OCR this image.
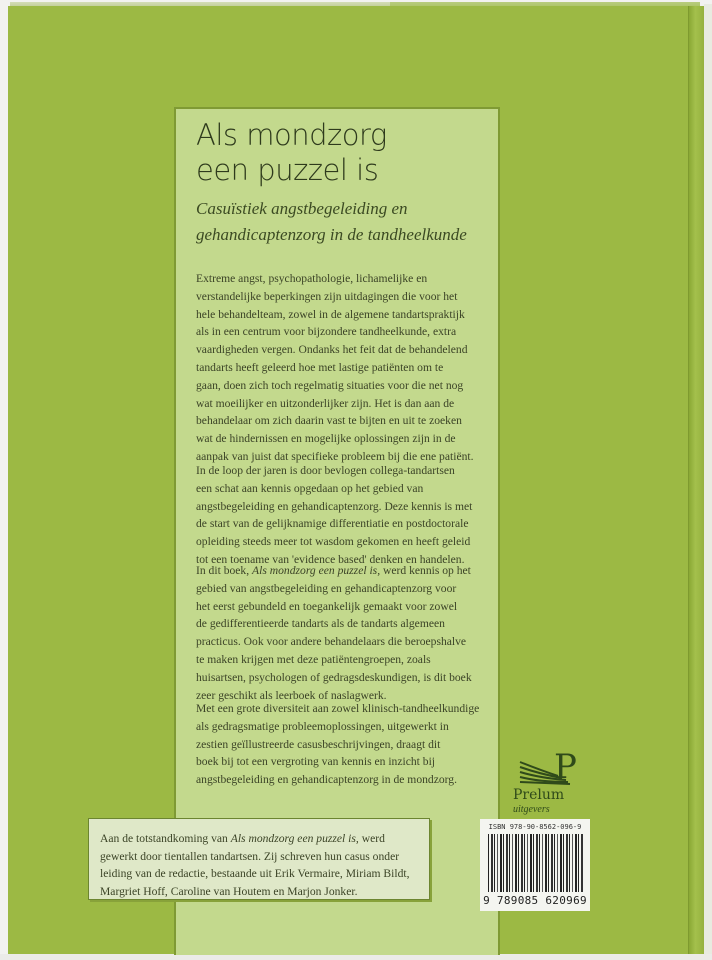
Als mondzorg
een puzzel is
Casuïstiek angstbegeleiding en
gehandicaptenzorg in de tandheelkunde
Extreme angst, psychopathologie, lichamelijke en
verstandelijke beperkingen zijn uitdagingen die voor het
hele behandelteam, zowel in de algemene tandartspraktijk
als in een centrum voor bijzondere tandheelkunde, extra
vaardigheden vergen. Ondanks het feit dat de behandelend
tandarts heeft geleerd hoe met lastige patiënten om te
gaan, doen zich toch regelmatig situaties voor die net nog
wat moeilijker en uitzonderlijker zijn. Het is dan aan de
behandelaar om zich daarin vast te bijten en uit te zoeken
wat de hindernissen en mogelijke oplossingen zijn in de
aanpak van juist dat specifieke probleem bij die ene patiënt.
In de loop der jaren is door bevlogen collega-tandartsen
een schat aan kennis opgedaan op het gebied van
angstbegeleiding en gehandicaptenzorg. Deze kennis is met
de start van de gelijknamige differentiatie en postdoctorale
opleiding steeds meer tot wasdom gekomen en heeft geleid
tot een toename van 'evidence based' denken en handelen.
In dit boek, Als mondzorg een puzzel is, werd kennis op het
gebied van angstbegeleiding en gehandicaptenzorg voor
het eerst gebundeld en toegankelijk gemaakt voor zowel
de gedifferentieerde tandarts als de tandarts algemeen
practicus. Ook voor andere behandelaars die beroepshalve
te maken krijgen met deze patiëntengroepen, zoals
huisartsen, psychologen of gedragsdeskundigen, is dit boek
zeer geschikt als leerboek of naslagwerk.
Met een grote diversiteit aan zowel klinisch-tandheelkundige
als gedragsmatige probleemoplossingen, uitgewerkt in
zestien geïllustreerde casusbeschrijvingen, draagt dit
boek bij tot een vergroting van kennis en inzicht bij
angstbegeleiding en gehandicaptenzorg in de mondzorg.
Aan de totstandkoming van Als mondzorg een puzzel is, werd
gewerkt door tientallen tandartsen. Zij schreven hun casus onder
leiding van de redactie, bestaande uit Erik Vermaire, Miriam Bildt,
Margriet Hoff, Caroline van Houtem en Marjon Jonker.
P
Prelum
uitgevers
ISBN 978-90-8562-096-9
9 789085 620969
